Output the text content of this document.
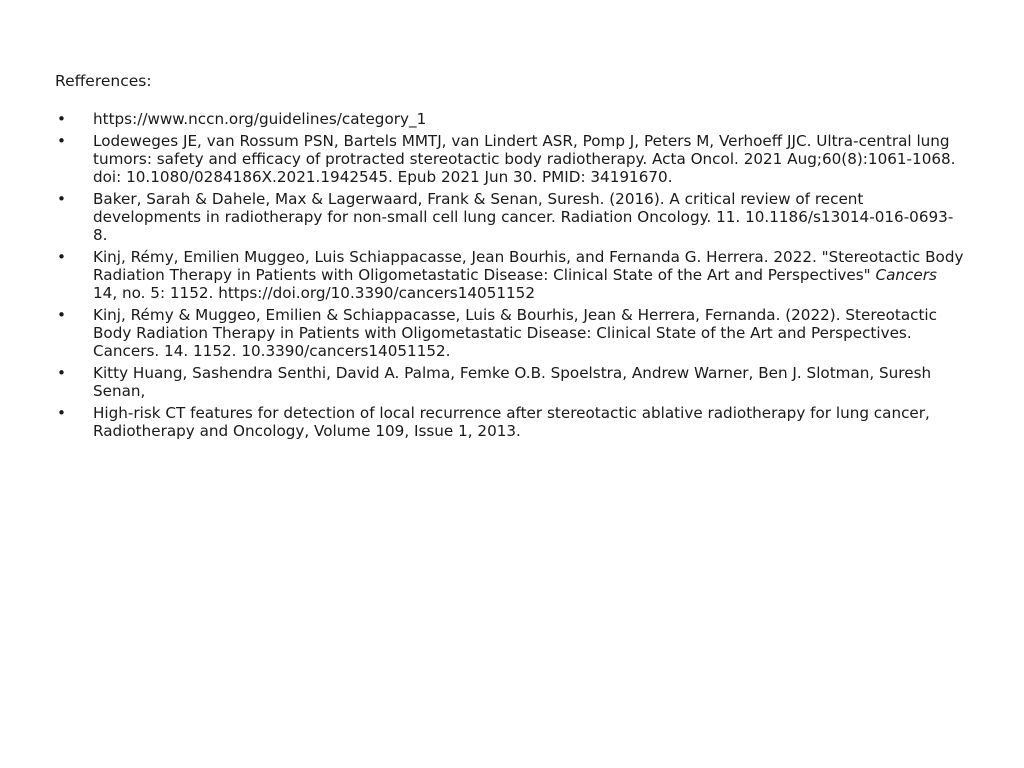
Refferences:
• https://www.nccn.org/guidelines/category_1
• Lodeweges JE, van Rossum PSN, Bartels MMTJ, van Lindert ASR, Pomp J, Peters M, Verhoeff JJC. Ultra-central lung tumors: safety and efficacy of protracted stereotactic body radiotherapy. Acta Oncol. 2021 Aug;60(8):1061-1068. doi: 10.1080/0284186X.2021.1942545. Epub 2021 Jun 30. PMID: 34191670.
• Baker, Sarah & Dahele, Max & Lagerwaard, Frank & Senan, Suresh. (2016). A critical review of recent developments in radiotherapy for non-small cell lung cancer. Radiation Oncology. 11. 10.1186/s13014-016-0693-8.
• Kinj, Rémy, Emilien Muggeo, Luis Schiappacasse, Jean Bourhis, and Fernanda G. Herrera. 2022. "Stereotactic Body Radiation Therapy in Patients with Oligometastatic Disease: Clinical State of the Art and Perspectives" Cancers 14, no. 5: 1152. https://doi.org/10.3390/cancers14051152
• Kinj, Rémy & Muggeo, Emilien & Schiappacasse, Luis & Bourhis, Jean & Herrera, Fernanda. (2022). Stereotactic Body Radiation Therapy in Patients with Oligometastatic Disease: Clinical State of the Art and Perspectives. Cancers. 14. 1152. 10.3390/cancers14051152.
• Kitty Huang, Sashendra Senthi, David A. Palma, Femke O.B. Spoelstra, Andrew Warner, Ben J. Slotman, Suresh Senan,
• High-risk CT features for detection of local recurrence after stereotactic ablative radiotherapy for lung cancer, Radiotherapy and Oncology, Volume 109, Issue 1, 2013.
